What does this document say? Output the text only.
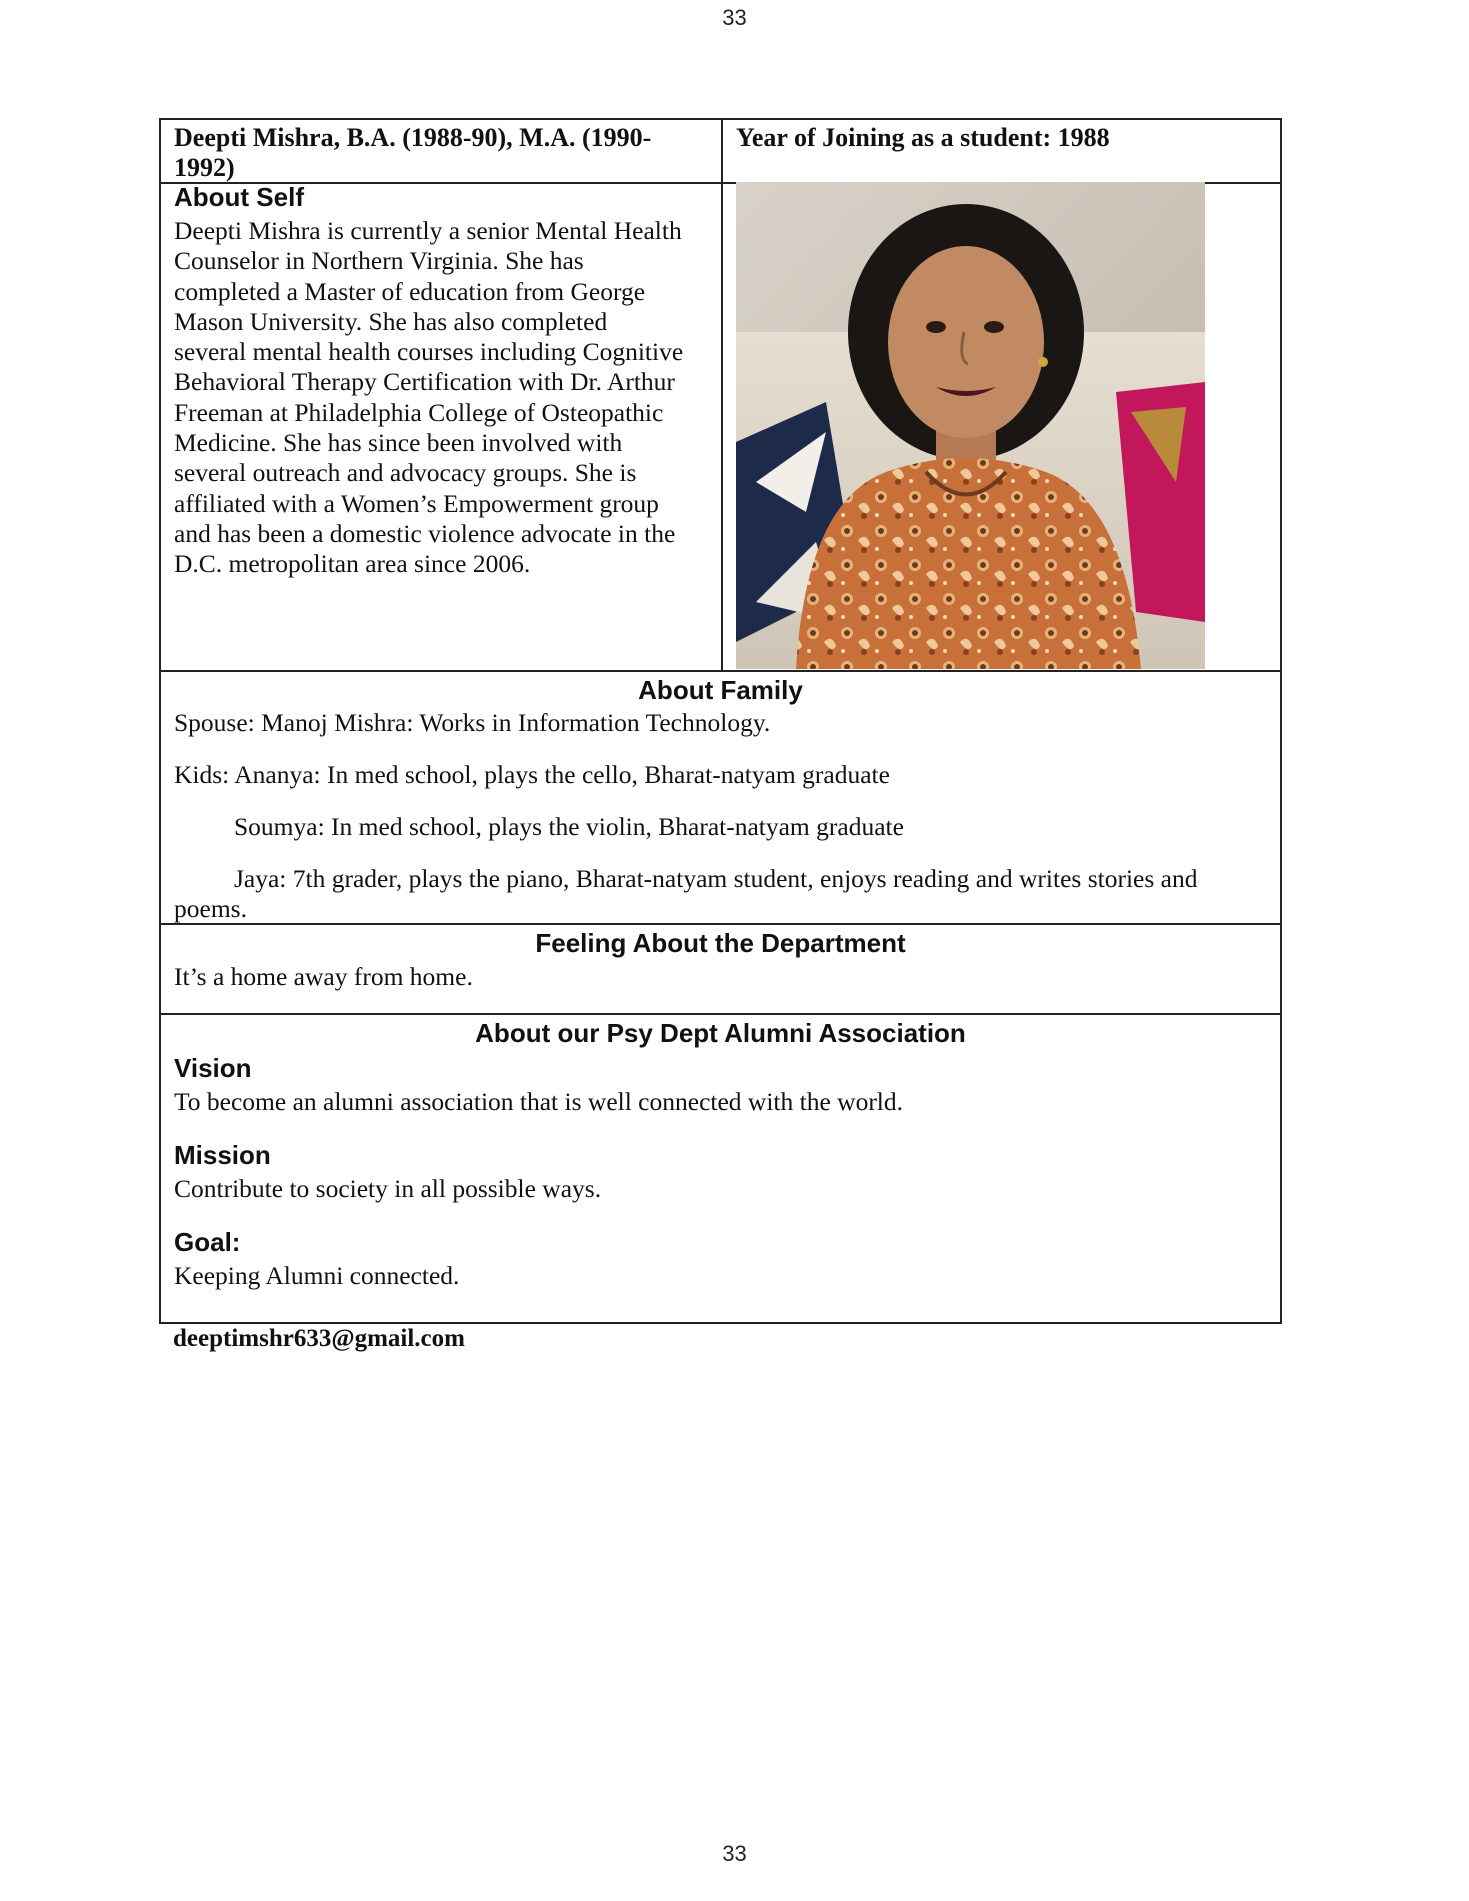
33
Deepti Mishra, B.A. (1988-90), M.A. (1990-
1992)
Year of Joining as a student: 1988
About Self
Deepti Mishra is currently a senior Mental Health
Counselor in Northern Virginia. She has
completed a Master of education from George
Mason University. She has also completed
several mental health courses including Cognitive
Behavioral Therapy Certification with Dr. Arthur
Freeman at Philadelphia College of Osteopathic
Medicine. She has since been involved with
several outreach and advocacy groups. She is
affiliated with a Women’s Empowerment group
and has been a domestic violence advocate in the
D.C. metropolitan area since 2006.
About Family
Spouse: Manoj Mishra: Works in Information Technology.
Kids: Ananya: In med school, plays the cello, Bharat-natyam graduate
Soumya: In med school, plays the violin, Bharat-natyam graduate
Jaya: 7th grader, plays the piano, Bharat-natyam student, enjoys reading and writes stories and
poems.
Feeling About the Department
It’s a home away from home.
About our Psy Dept Alumni Association
Vision
To become an alumni association that is well connected with the world.
Mission
Contribute to society in all possible ways.
Goal:
Keeping Alumni connected.
deeptimshr633@gmail.com
33
